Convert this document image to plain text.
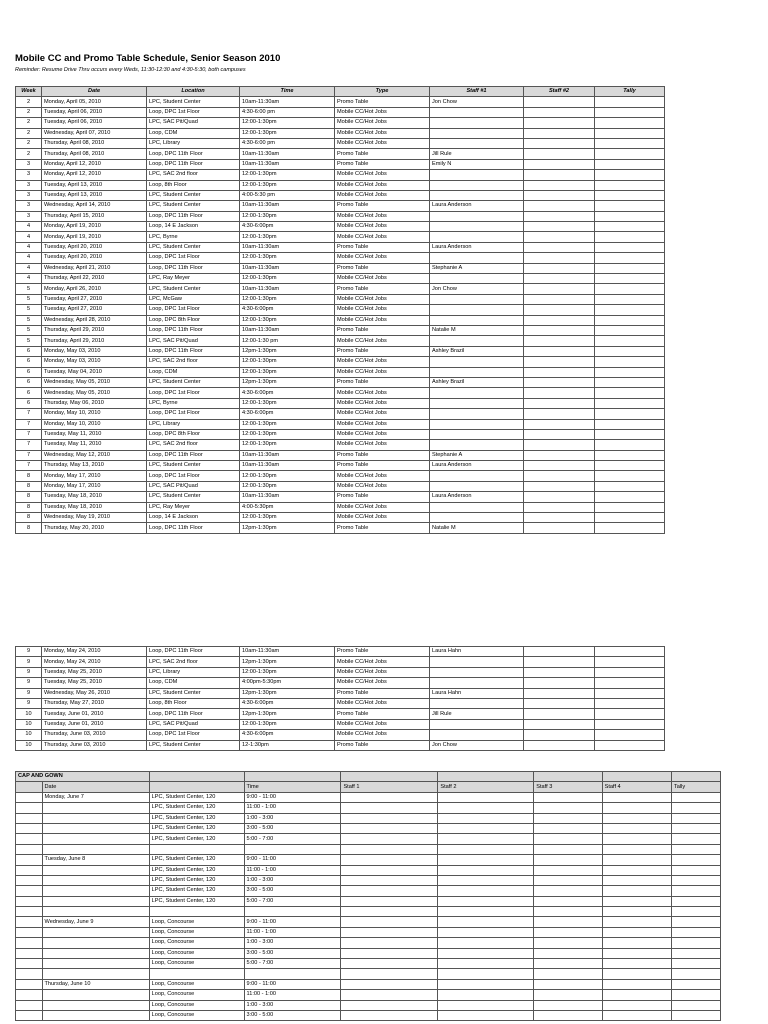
Mobile CC and Promo Table Schedule, Senior Season 2010
Reminder: Resume Drive Thru occurs every Weds, 11:30-12:30 and 4:30-5:30, both campuses
Week	Date	Location	Time	Type	Staff #1	Staff #2	Tally
2	Monday, April 05, 2010	LPC, Student Center	10am-11:30am	Promo Table	Jon Chow		
2	Tuesday, April 06, 2010	Loop, DPC 1st Floor	4:30-6:00 pm	Mobile CC/Hot Jobs			
2	Tuesday, April 06, 2010	LPC, SAC Pit/Quad	12:00-1:30pm	Mobile CC/Hot Jobs			
2	Wednesday, April 07, 2010	Loop, CDM	12:00-1:30pm	Mobile CC/Hot Jobs			
2	Thursday, April 08, 2010	LPC, Library	4:30-6:00 pm	Mobile CC/Hot Jobs			
2	Thursday, April 08, 2010	Loop, DPC 11th Floor	10am-11:30am	Promo Table	Jill Rule		
3	Monday, April 12, 2010	Loop, DPC 11th Floor	10am-11:30am	Promo Table	Emily N		
3	Monday, April 12, 2010	LPC, SAC 2nd floor	12:00-1:30pm	Mobile CC/Hot Jobs			
3	Tuesday, April 13, 2010	Loop, 8th Floor	12:00-1:30pm	Mobile CC/Hot Jobs			
3	Tuesday, April 13, 2010	LPC, Student Center	4:00-5:30 pm	Mobile CC/Hot Jobs			
3	Wednesday, April 14, 2010	LPC, Student Center	10am-11:30am	Promo Table	Laura Anderson		
3	Thursday, April 15, 2010	Loop, DPC 11th Floor	12:00-1:30pm	Mobile CC/Hot Jobs			
4	Monday, April 19, 2010	Loop, 14 E Jackson	4:30-6:00pm	Mobile CC/Hot Jobs			
4	Monday, April 19, 2010	LPC, Byrne	12:00-1:30pm	Mobile CC/Hot Jobs			
4	Tuesday, April 20, 2010	LPC, Student Center	10am-11:30am	Promo Table	Laura Anderson		
4	Tuesday, April 20, 2010	Loop, DPC 1st Floor	12:00-1:30pm	Mobile CC/Hot Jobs			
4	Wednesday, April 21, 2010	Loop, DPC 11th Floor	10am-11:30am	Promo Table	Stephanie A		
4	Thursday, April 22, 2010	LPC, Ray Meyer	12:00-1:30pm	Mobile CC/Hot Jobs			
5	Monday, April 26, 2010	LPC, Student Center	10am-11:30am	Promo Table	Jon Chow		
5	Tuesday, April 27, 2010	LPC, McGaw	12:00-1:30pm	Mobile CC/Hot Jobs			
5	Tuesday, April 27, 2010	Loop, DPC 1st Floor	4:30-6:00pm	Mobile CC/Hot Jobs			
5	Wednesday, April 28, 2010	Loop, DPC 8th Floor	12:00-1:30pm	Mobile CC/Hot Jobs			
5	Thursday, April 29, 2010	Loop, DPC 11th Floor	10am-11:30am	Promo Table	Natalie M		
5	Thursday, April 29, 2010	LPC, SAC Pit/Quad	12:00-1:30 pm	Mobile CC/Hot Jobs			
6	Monday, May 03, 2010	Loop, DPC 11th Floor	12pm-1:30pm	Promo Table	Ashley Brazil		
6	Monday, May 03, 2010	LPC, SAC 2nd floor	12:00-1:30pm	Mobile CC/Hot Jobs			
6	Tuesday, May 04, 2010	Loop, CDM	12:00-1:30pm	Mobile CC/Hot Jobs			
6	Wednesday, May 05, 2010	LPC, Student Center	12pm-1:30pm	Promo Table	Ashley Brazil		
6	Wednesday, May 05, 2010	Loop, DPC 1st Floor	4:30-6:00pm	Mobile CC/Hot Jobs			
6	Thursday, May 06, 2010	LPC, Byrne	12:00-1:30pm	Mobile CC/Hot Jobs			
7	Monday, May 10, 2010	Loop, DPC 1st Floor	4:30-6:00pm	Mobile CC/Hot Jobs			
7	Monday, May 10, 2010	LPC, Library	12:00-1:30pm	Mobile CC/Hot Jobs			
7	Tuesday, May 11, 2010	Loop, DPC 8th Floor	12:00-1:30pm	Mobile CC/Hot Jobs			
7	Tuesday, May 11, 2010	LPC, SAC 2nd floor	12:00-1:30pm	Mobile CC/Hot Jobs			
7	Wednesday, May 12, 2010	Loop, DPC 11th Floor	10am-11:30am	Promo Table	Stephanie A		
7	Thursday, May 13, 2010	LPC, Student Center	10am-11:30am	Promo Table	Laura Anderson		
8	Monday, May 17, 2010	Loop, DPC 1st Floor	12:00-1:30pm	Mobile CC/Hot Jobs			
8	Monday, May 17, 2010	LPC, SAC Pit/Quad	12:00-1:30pm	Mobile CC/Hot Jobs			
8	Tuesday, May 18, 2010	LPC, Student Center	10am-11:30am	Promo Table	Laura Anderson		
8	Tuesday, May 18, 2010	LPC, Ray Meyer	4:00-5:30pm	Mobile CC/Hot Jobs			
8	Wednesday, May 19, 2010	Loop, 14 E Jackson	12:00-1:30pm	Mobile CC/Hot Jobs			
8	Thursday, May 20, 2010	Loop, DPC 11th Floor	12pm-1:30pm	Promo Table	Natalie M		
9	Monday, May 24, 2010	Loop, DPC 11th Floor	10am-11:30am	Promo Table	Laura Hahn		
9	Monday, May 24, 2010	LPC, SAC 2nd floor	12pm-1:30pm	Mobile CC/Hot Jobs			
9	Tuesday, May 25, 2010	LPC, Library	12:00-1:30pm	Mobile CC/Hot Jobs			
9	Tuesday, May 25, 2010	Loop, CDM	4:00pm-5:30pm	Mobile CC/Hot Jobs			
9	Wednesday, May 26, 2010	LPC, Student Center	12pm-1:30pm	Promo Table	Laura Hahn		
9	Thursday, May 27, 2010	Loop, 8th Floor	4:30-6:00pm	Mobile CC/Hot Jobs			
10	Tuesday, June 01, 2010	Loop, DPC 11th Floor	12pm-1:30pm	Promo Table	Jill Rule		
10	Tuesday, June 01, 2010	LPC, SAC Pit/Quad	12:00-1:30pm	Mobile CC/Hot Jobs			
10	Thursday, June 03, 2010	Loop, DPC 1st Floor	4:30-6:00pm	Mobile CC/Hot Jobs			
10	Thursday, June 03, 2010	LPC, Student Center	12-1:30pm	Promo Table	Jon Chow		
CAP AND GOWN								
	Date		Time	Staff 1	Staff 2	Staff 3	Staff 4	Tally
	Monday, June 7	LPC, Student Center, 120	9:00 - 11:00					
		LPC, Student Center, 120	11:00 - 1:00					
		LPC, Student Center, 120	1:00 - 3:00					
		LPC, Student Center, 120	3:00 - 5:00					
		LPC, Student Center, 120	5:00 - 7:00					

	Tuesday, June 8	LPC, Student Center, 120	9:00 - 11:00					
		LPC, Student Center, 120	11:00 - 1:00					
		LPC, Student Center, 120	1:00 - 3:00					
		LPC, Student Center, 120	3:00 - 5:00					
		LPC, Student Center, 120	5:00 - 7:00					

	Wednesday, June 9	Loop, Concourse	9:00 - 11:00					
		Loop, Concourse	11:00 - 1:00					
		Loop, Concourse	1:00 - 3:00					
		Loop, Concourse	3:00 - 5:00					
		Loop, Concourse	5:00 - 7:00					

	Thursday, June 10	Loop, Concourse	9:00 - 11:00					
		Loop, Concourse	11:00 - 1:00					
		Loop, Concourse	1:00 - 3:00					
		Loop, Concourse	3:00 - 5:00					
